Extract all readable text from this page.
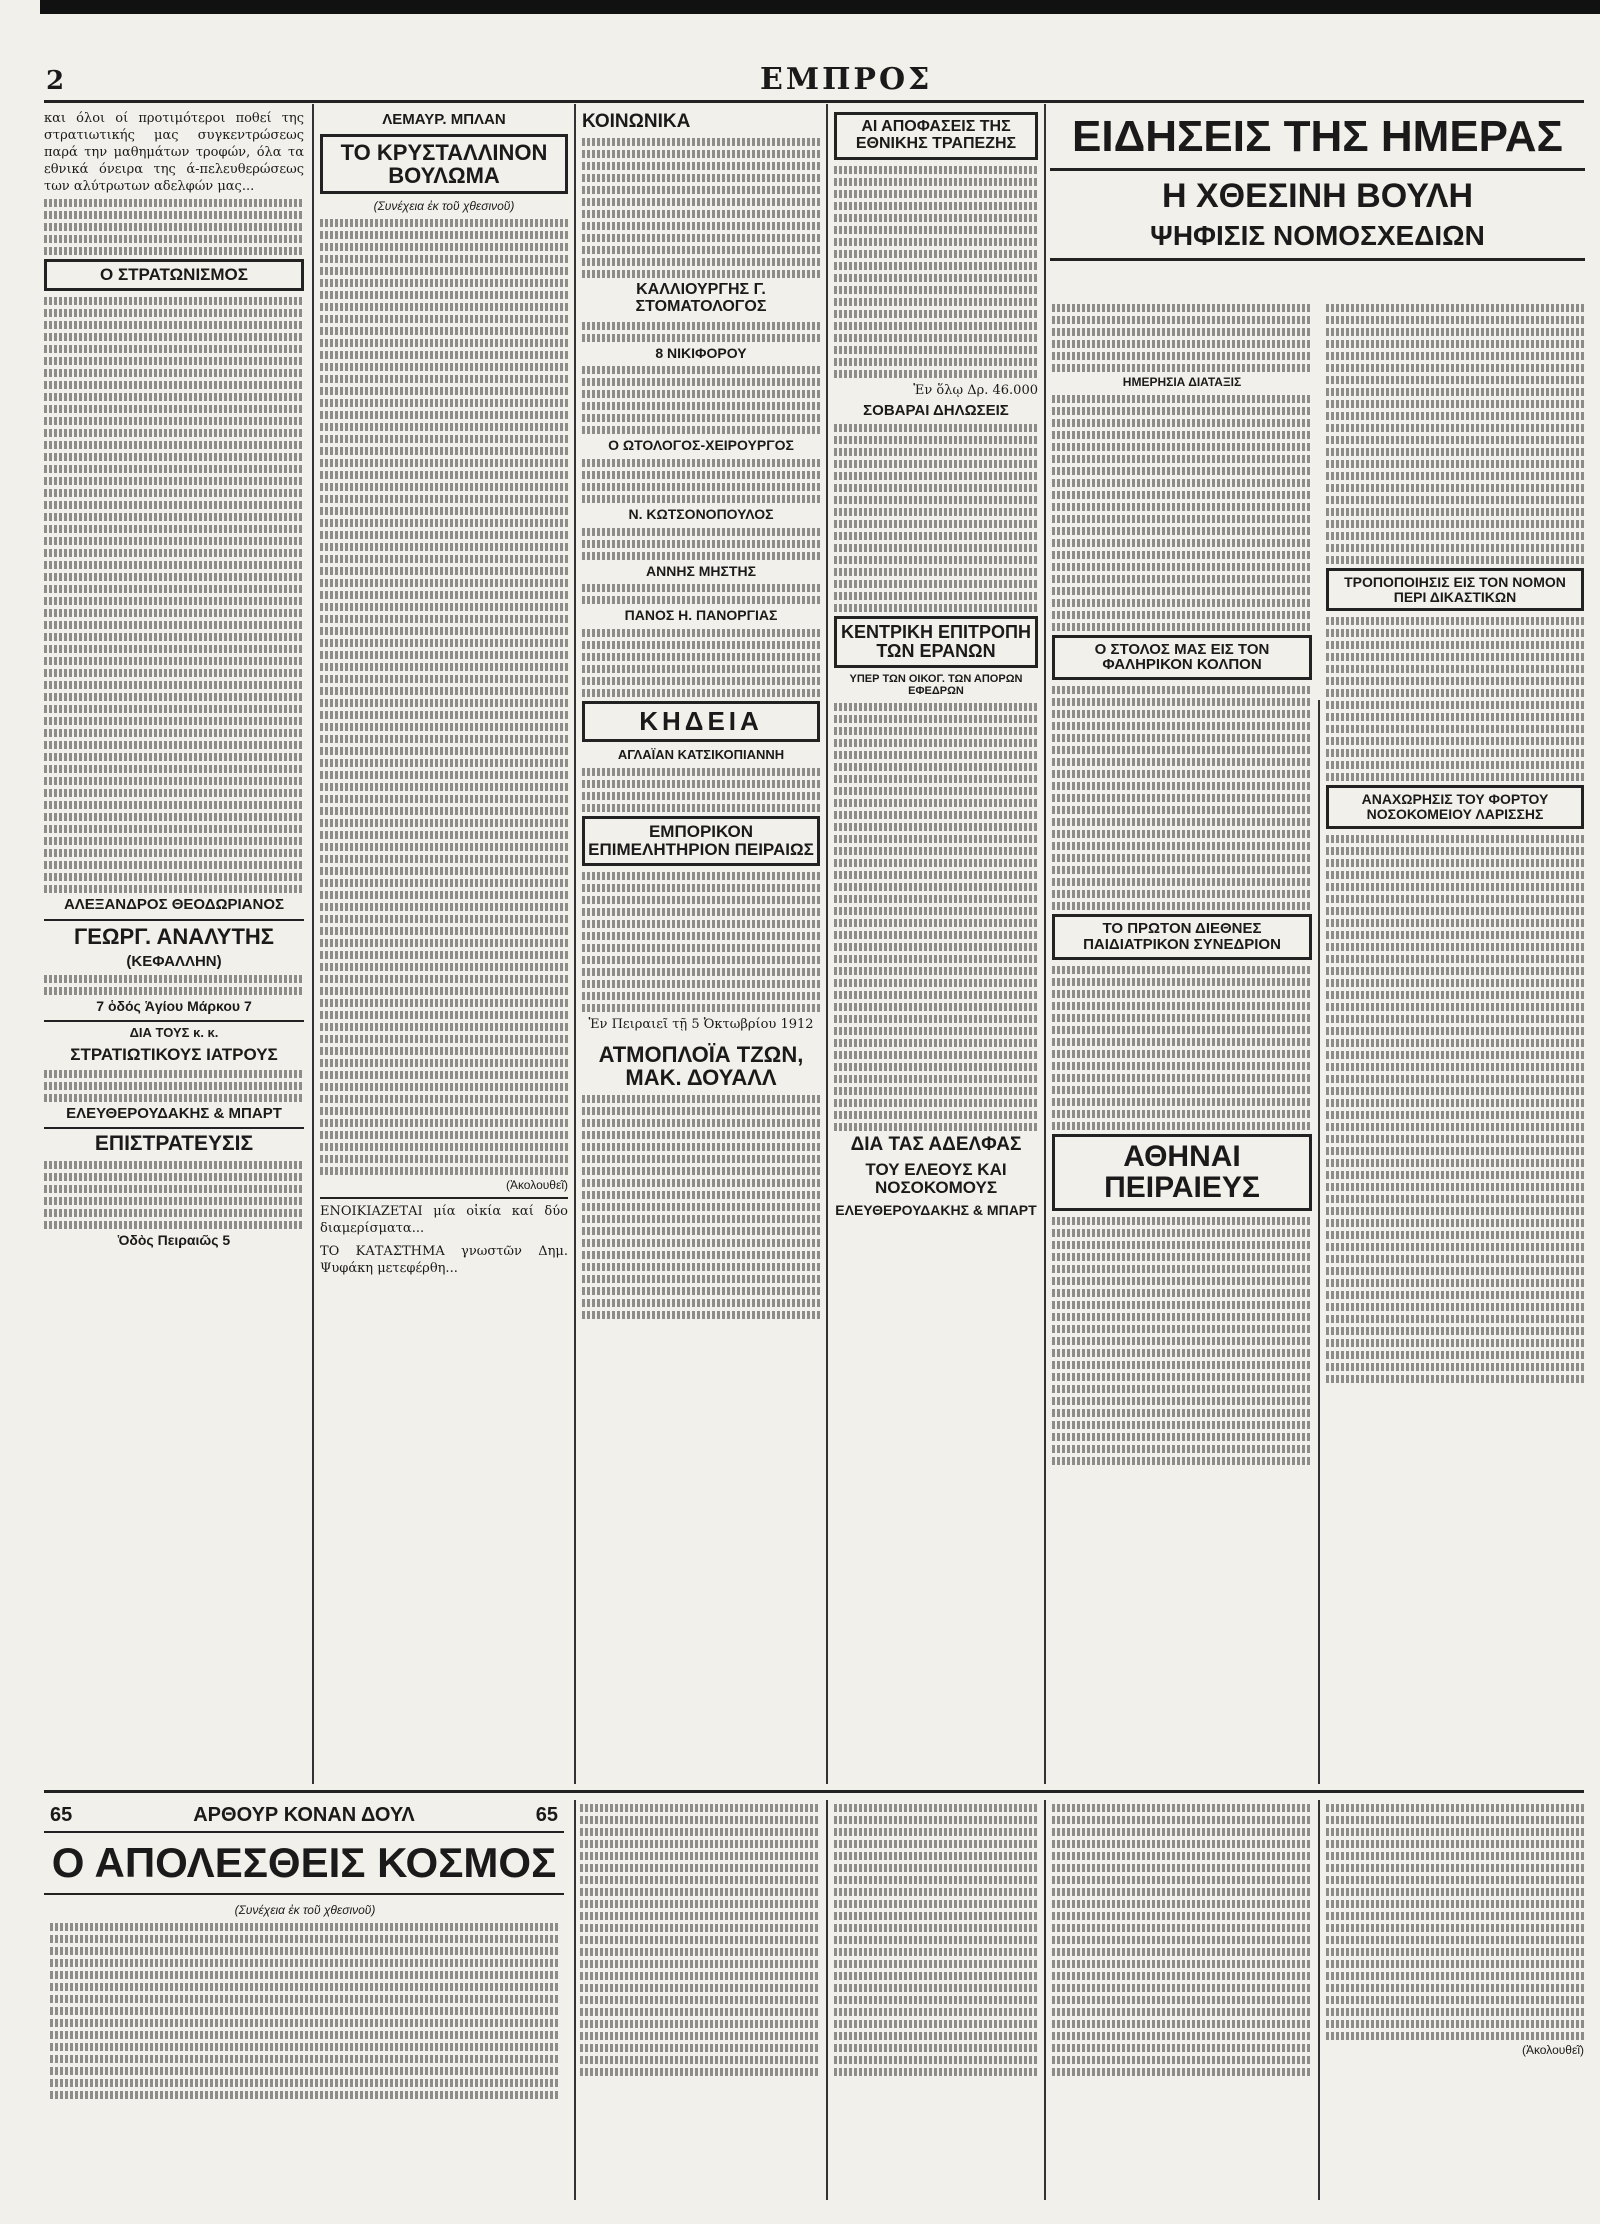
2	ΕΜΠΡΟΣ
και όλοι οί προτιμότεροι ποθεί της στρατιωτικής μας συγκεντρώσεως παρά την μαθημάτων τροφών, όλα τα εθνικά όνειρα της ά-πελευθερώσεως των αλύτρωτων αδελφών μας...
Ο ΣΤΡΑΤΩΝΙΣΜΟΣ
ΑΛΕΞΑΝΔΡΟΣ ΘΕΟΔΩΡΙΑΝΟΣ
ΓΕΩΡΓ. ΑΝΑΛΥΤΗΣ
(ΚΕΦΑΛΛΗΝ)
7 ὁδός Ἁγίου Μάρκου 7
ΔΙΑ ΤΟΥΣ κ. κ.
ΣΤΡΑΤΙΩΤΙΚΟΥΣ ΙΑΤΡΟΥΣ
ΕΛΕΥΘΕΡΟΥΔΑΚΗΣ & ΜΠΑΡΤ
ΕΠΙΣΤΡΑΤΕΥΣΙΣ
Ὁδὸς Πειραιῶς 5
ΛΕΜΑΥΡ. ΜΠΛΑΝ
ΤΟ ΚΡΥΣΤΑΛΛΙΝΟΝ ΒΟΥΛΩΜΑ
(Συνέχεια ἐκ τοῦ χθεσινοῦ)
(Ἀκολουθεῖ)
ΕΝΟΙΚΙΑΖΕΤΑΙ μία οἰκία καί δύο διαμερίσματα...
ΤΟ ΚΑΤΑΣΤΗΜΑ γνωστῶν Δημ. Ψυφάκη μετεφέρθη...
ΚΟΙΝΩΝΙΚΑ
ΚΑΛΛΙΟΥΡΓΗΣ Γ. ΣΤΟΜΑΤΟΛΟΓΟΣ
8 ΝΙΚΙΦΟΡΟΥ
Ο ΩΤΟΛΟΓΟΣ-ΧΕΙΡΟΥΡΓΟΣ
Ν. ΚΩΤΣΟΝΟΠΟΥΛΟΣ
ΑΝΝΗΣ ΜΗΣΤΗΣ
ΠΑΝΟΣ Η. ΠΑΝΟΡΓΙΑΣ
ΚΗΔΕΙΑ
ΑΓΛΑΪΑΝ ΚΑΤΣΙΚΟΠΙΑΝΝΗ
ΕΜΠΟΡΙΚΟΝ ΕΠΙΜΕΛΗΤΗΡΙΟΝ ΠΕΙΡΑΙΩΣ
Ἐν Πειραιεῖ τῇ 5 Ὀκτωβρίου 1912
ΑΤΜΟΠΛΟΪΑ ΤΖΩΝ, ΜΑΚ. ΔΟΥΑΛΛ
ΑΙ ΑΠΟΦΑΣΕΙΣ ΤΗΣ ΕΘΝΙΚΗΣ ΤΡΑΠΕΖΗΣ
Ἐν ὅλῳ Δρ. 46.000
ΣΟΒΑΡΑΙ ΔΗΛΩΣΕΙΣ
ΚΕΝΤΡΙΚΗ ΕΠΙΤΡΟΠΗ ΤΩΝ ΕΡΑΝΩΝ
ΥΠΕΡ ΤΩΝ ΟΙΚΟΓ. ΤΩΝ ΑΠΟΡΩΝ ΕΦΕΔΡΩΝ
ΔΙΑ ΤΑΣ ΑΔΕΛΦΑΣ
ΤΟΥ ΕΛΕΟΥΣ ΚΑΙ ΝΟΣΟΚΟΜΟΥΣ
ΕΛΕΥΘΕΡΟΥΔΑΚΗΣ & ΜΠΑΡΤ
ΕΙΔΗΣΕΙΣ ΤΗΣ ΗΜΕΡΑΣ
Η ΧΘΕΣΙΝΗ ΒΟΥΛΗ
ΨΗΦΙΣΙΣ ΝΟΜΟΣΧΕΔΙΩΝ
ΗΜΕΡΗΣΙΑ ΔΙΑΤΑΞΙΣ
Ο ΣΤΟΛΟΣ ΜΑΣ ΕΙΣ ΤΟΝ ΦΑΛΗΡΙΚΟΝ ΚΟΛΠΟΝ
ΤΟ ΠΡΩΤΟΝ ΔΙΕΘΝΕΣ ΠΑΙΔΙΑΤΡΙΚΟΝ ΣΥΝΕΔΡΙΟΝ
ΑΘΗΝΑΙ ΠΕΙΡΑΙΕΥΣ
ΤΡΟΠΟΠΟΙΗΣΙΣ ΕΙΣ ΤΟΝ ΝΟΜΟΝ ΠΕΡΙ ΔΙΚΑΣΤΙΚΩΝ
ΑΝΑΧΩΡΗΣΙΣ ΤΟΥ ΦΟΡΤΟΥ ΝΟΣΟΚΟΜΕΙΟΥ ΛΑΡΙΣΣΗΣ
65	ΑΡΘΟΥΡ ΚΟΝΑΝ ΔΟΥΛ	65
Ο ΑΠΟΛΕΣΘΕΙΣ ΚΟΣΜΟΣ
(Συνέχεια ἐκ τοῦ χθεσινοῦ)
(Ἀκολουθεῖ)
